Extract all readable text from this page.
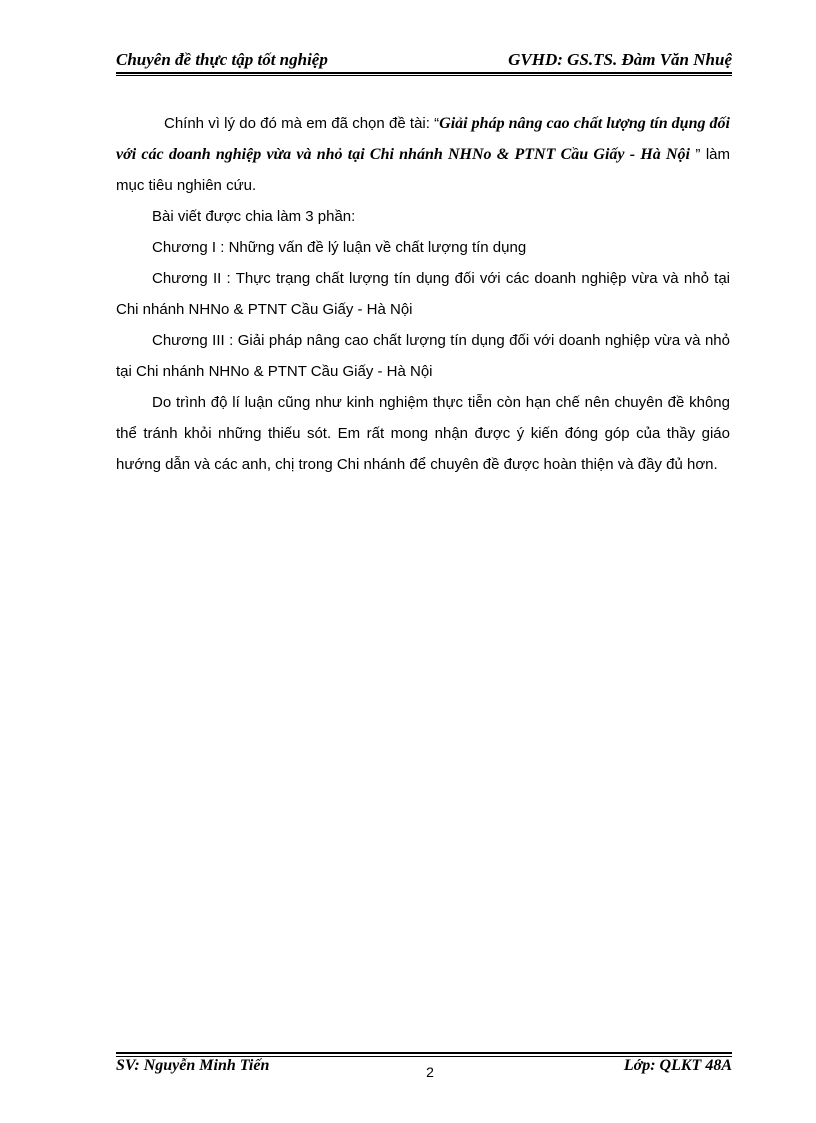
Chuyên đề thực tập tốt nghiệp	GVHD: GS.TS. Đàm Văn Nhuệ

Chính vì lý do đó mà em đã chọn đề tài: “Giải pháp nâng cao chất lượng tín dụng đối với các doanh nghiệp vừa và nhỏ tại Chi nhánh NHNo & PTNT Cầu Giấy - Hà Nội ” làm mục tiêu nghiên cứu.

Bài viết được chia làm 3 phần:

Chương I : Những vấn đề lý luận về chất lượng tín dụng

Chương II : Thực trạng chất lượng tín dụng đối với các doanh nghiệp vừa và nhỏ tại Chi nhánh NHNo & PTNT Cầu Giấy - Hà Nội

Chương III : Giải pháp nâng cao chất lượng tín dụng đối với doanh nghiệp vừa và nhỏ tại Chi nhánh NHNo & PTNT Cầu Giấy - Hà Nội

Do trình độ lí luận cũng như kinh nghiệm thực tiễn còn hạn chế nên chuyên đề không thể tránh khỏi những thiếu sót. Em rất mong nhận được ý kiến đóng góp của thầy giáo hướng dẫn và các anh, chị trong Chi nhánh để chuyên đề được hoàn thiện và đầy đủ hơn.

SV: Nguyễn Minh Tiến	2	Lớp: QLKT 48A
